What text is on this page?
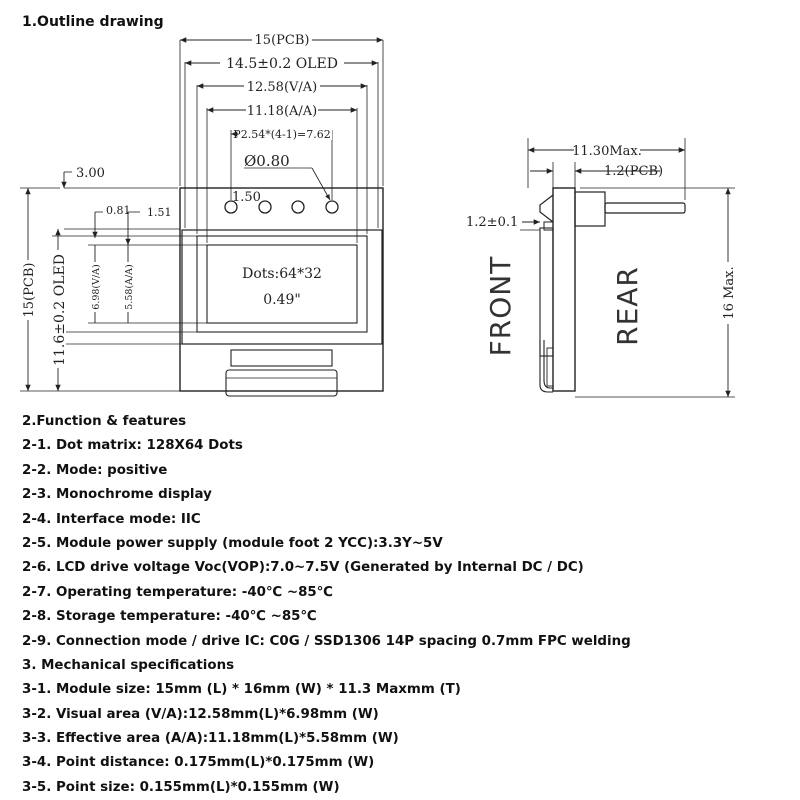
1.Outline drawing
Dots:64*32
0.49"
15(PCB)
14.5±0.2 OLED
12.58(V/A)
11.18(A/A)
P2.54*(4-1)=7.62
Ø0.80
1.50
3.00
0.81 1.51
15(PCB) 11.6±0.2 OLED 6.98(V/A) 5.58(A/A)	FRONT	REAR
11.30Max.
1.2(PCB)
1.2±0.1
16 Max.
2.Function & features
2-1. Dot matrix: 128X64 Dots
2-2. Mode: positive
2-3. Monochrome display
2-4. Interface mode: IIC
2-5. Module power supply (module foot 2 YCC):3.3Y~5V
2-6. LCD drive voltage Voc(VOP):7.0~7.5V (Generated by Internal DC / DC)
2-7. Operating temperature: -40℃ ~85℃
2-8. Storage temperature: -40℃ ~85℃
2-9. Connection mode / drive IC: C0G / SSD1306 14P spacing 0.7mm FPC welding
3. Mechanical specifications
3-1. Module size: 15mm (L) * 16mm (W) * 11.3 Maxmm (T)
3-2. Visual area (V/A):12.58mm(L)*6.98mm (W)
3-3. Effective area (A/A):11.18mm(L)*5.58mm (W)
3-4. Point distance: 0.175mm(L)*0.175mm (W)
3-5. Point size: 0.155mm(L)*0.155mm (W)
